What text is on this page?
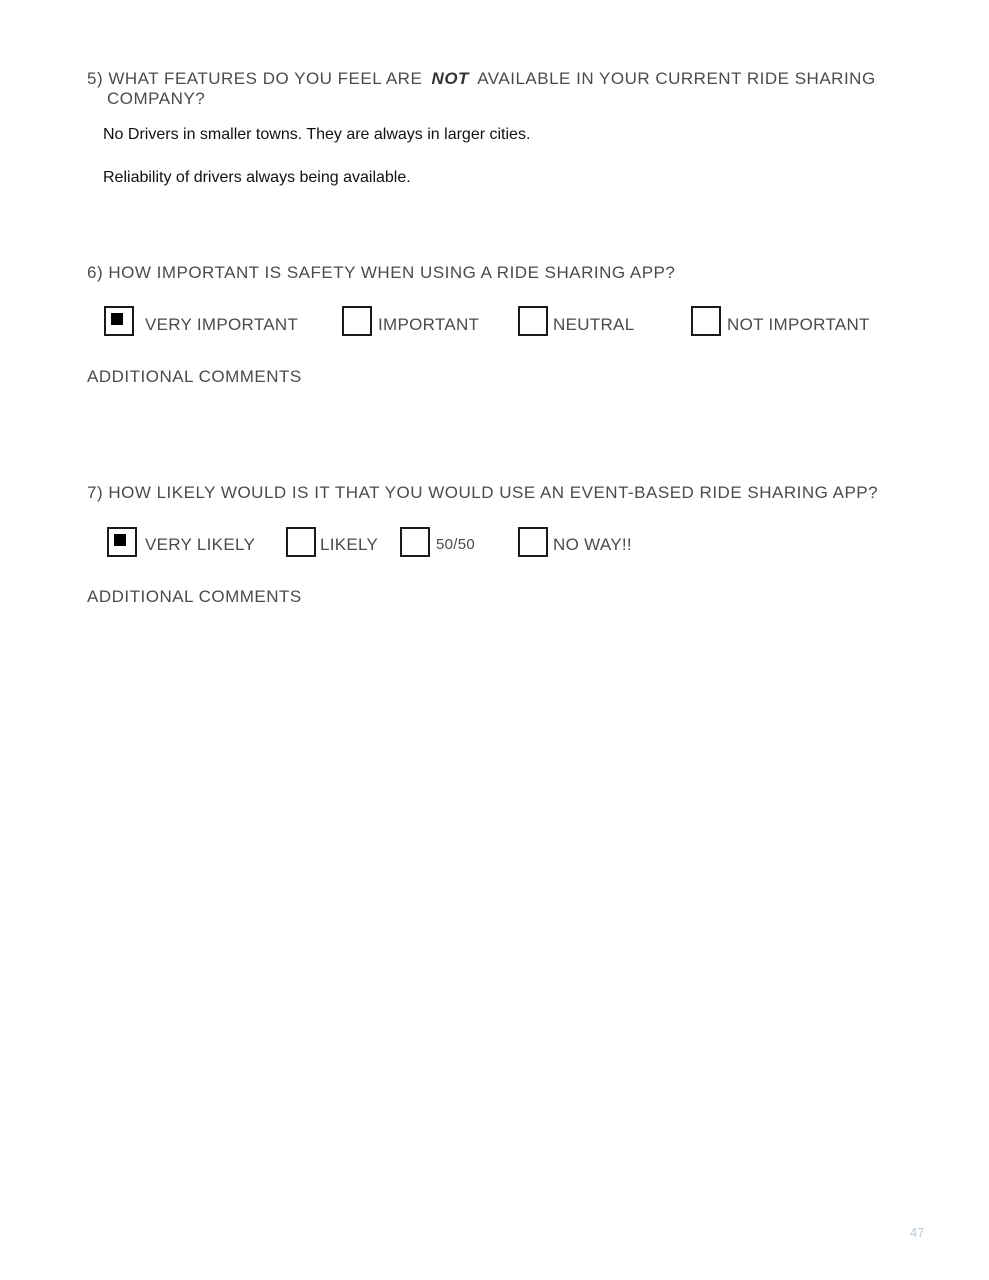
5) WHAT FEATURES DO YOU FEEL ARE NOT AVAILABLE IN YOUR CURRENT RIDE SHARING
COMPANY?
No Drivers in smaller towns. They are always in larger cities.
Reliability of drivers always being available.
6) HOW IMPORTANT IS SAFETY WHEN USING A RIDE SHARING APP?
VERY IMPORTANT	IMPORTANT	NEUTRAL	NOT IMPORTANT
ADDITIONAL COMMENTS
7) HOW LIKELY WOULD IS IT THAT YOU WOULD USE AN EVENT-BASED RIDE SHARING APP?
VERY LIKELY	LIKELY	50/50	NO WAY!!
ADDITIONAL COMMENTS
47
